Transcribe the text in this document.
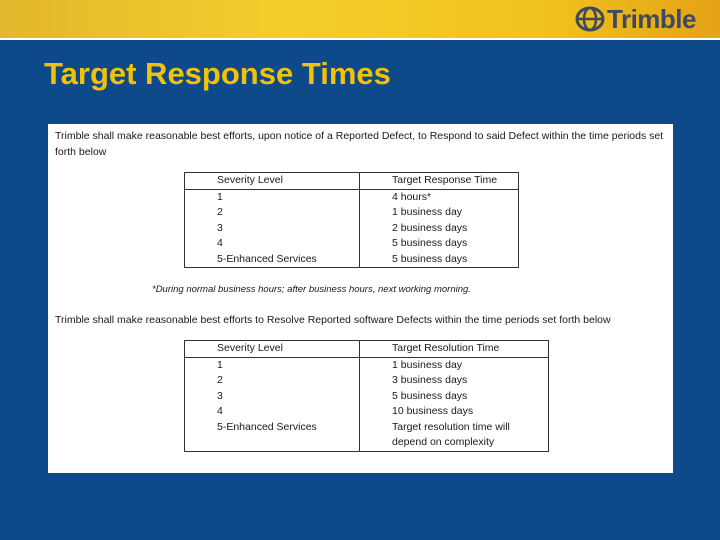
Trimble
Target Response Times
Trimble shall make reasonable best efforts, upon notice of a Reported Defect, to Respond to said Defect within the time periods set forth below
Severity Level	Target Response Time
1	4 hours*
2	1 business day
3	2 business days
4	5 business days
5-Enhanced Services	5 business days
*During normal business hours; after business hours, next working morning.
Trimble shall make reasonable best efforts to Resolve Reported software Defects within the time periods set forth below
Severity Level	Target Resolution Time
1	1 business day
2	3 business days
3	5 business days
4	10 business days
5-Enhanced Services	Target resolution time will depend on complexity
